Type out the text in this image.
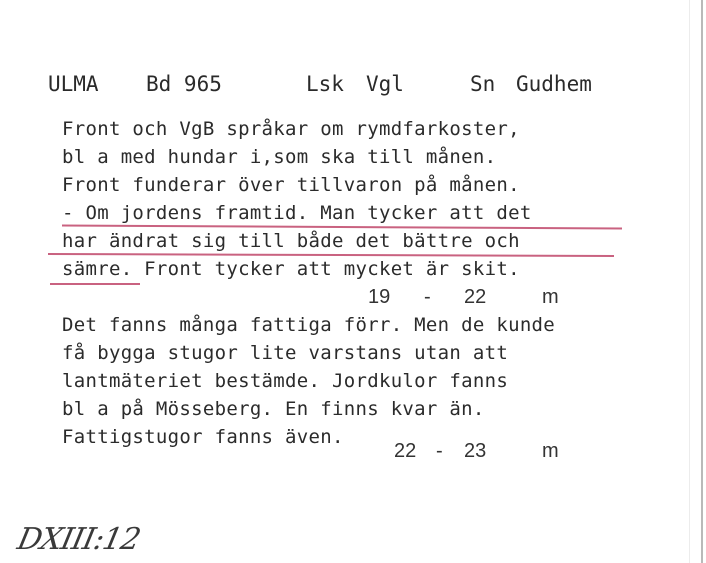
ULMA Bd 965	Lsk Vgl	Sn Gudhem
Front och VgB språkar om rymdfarkoster,
bl a med hundar i,som ska till månen.
Front funderar över tillvaron på månen.
- Om jordens framtid. Man tycker att det
har ändrat sig till både det bättre och
sämre. Front tycker att mycket är skit.
19 - 22	m
Det fanns många fattiga förr. Men de kunde
få bygga stugor lite varstans utan att
lantmäteriet bestämde. Jordkulor fanns
bl a på Mösseberg. En finns kvar än.
Fattigstugor fanns även.
22 - 23	m
DXIII:12
